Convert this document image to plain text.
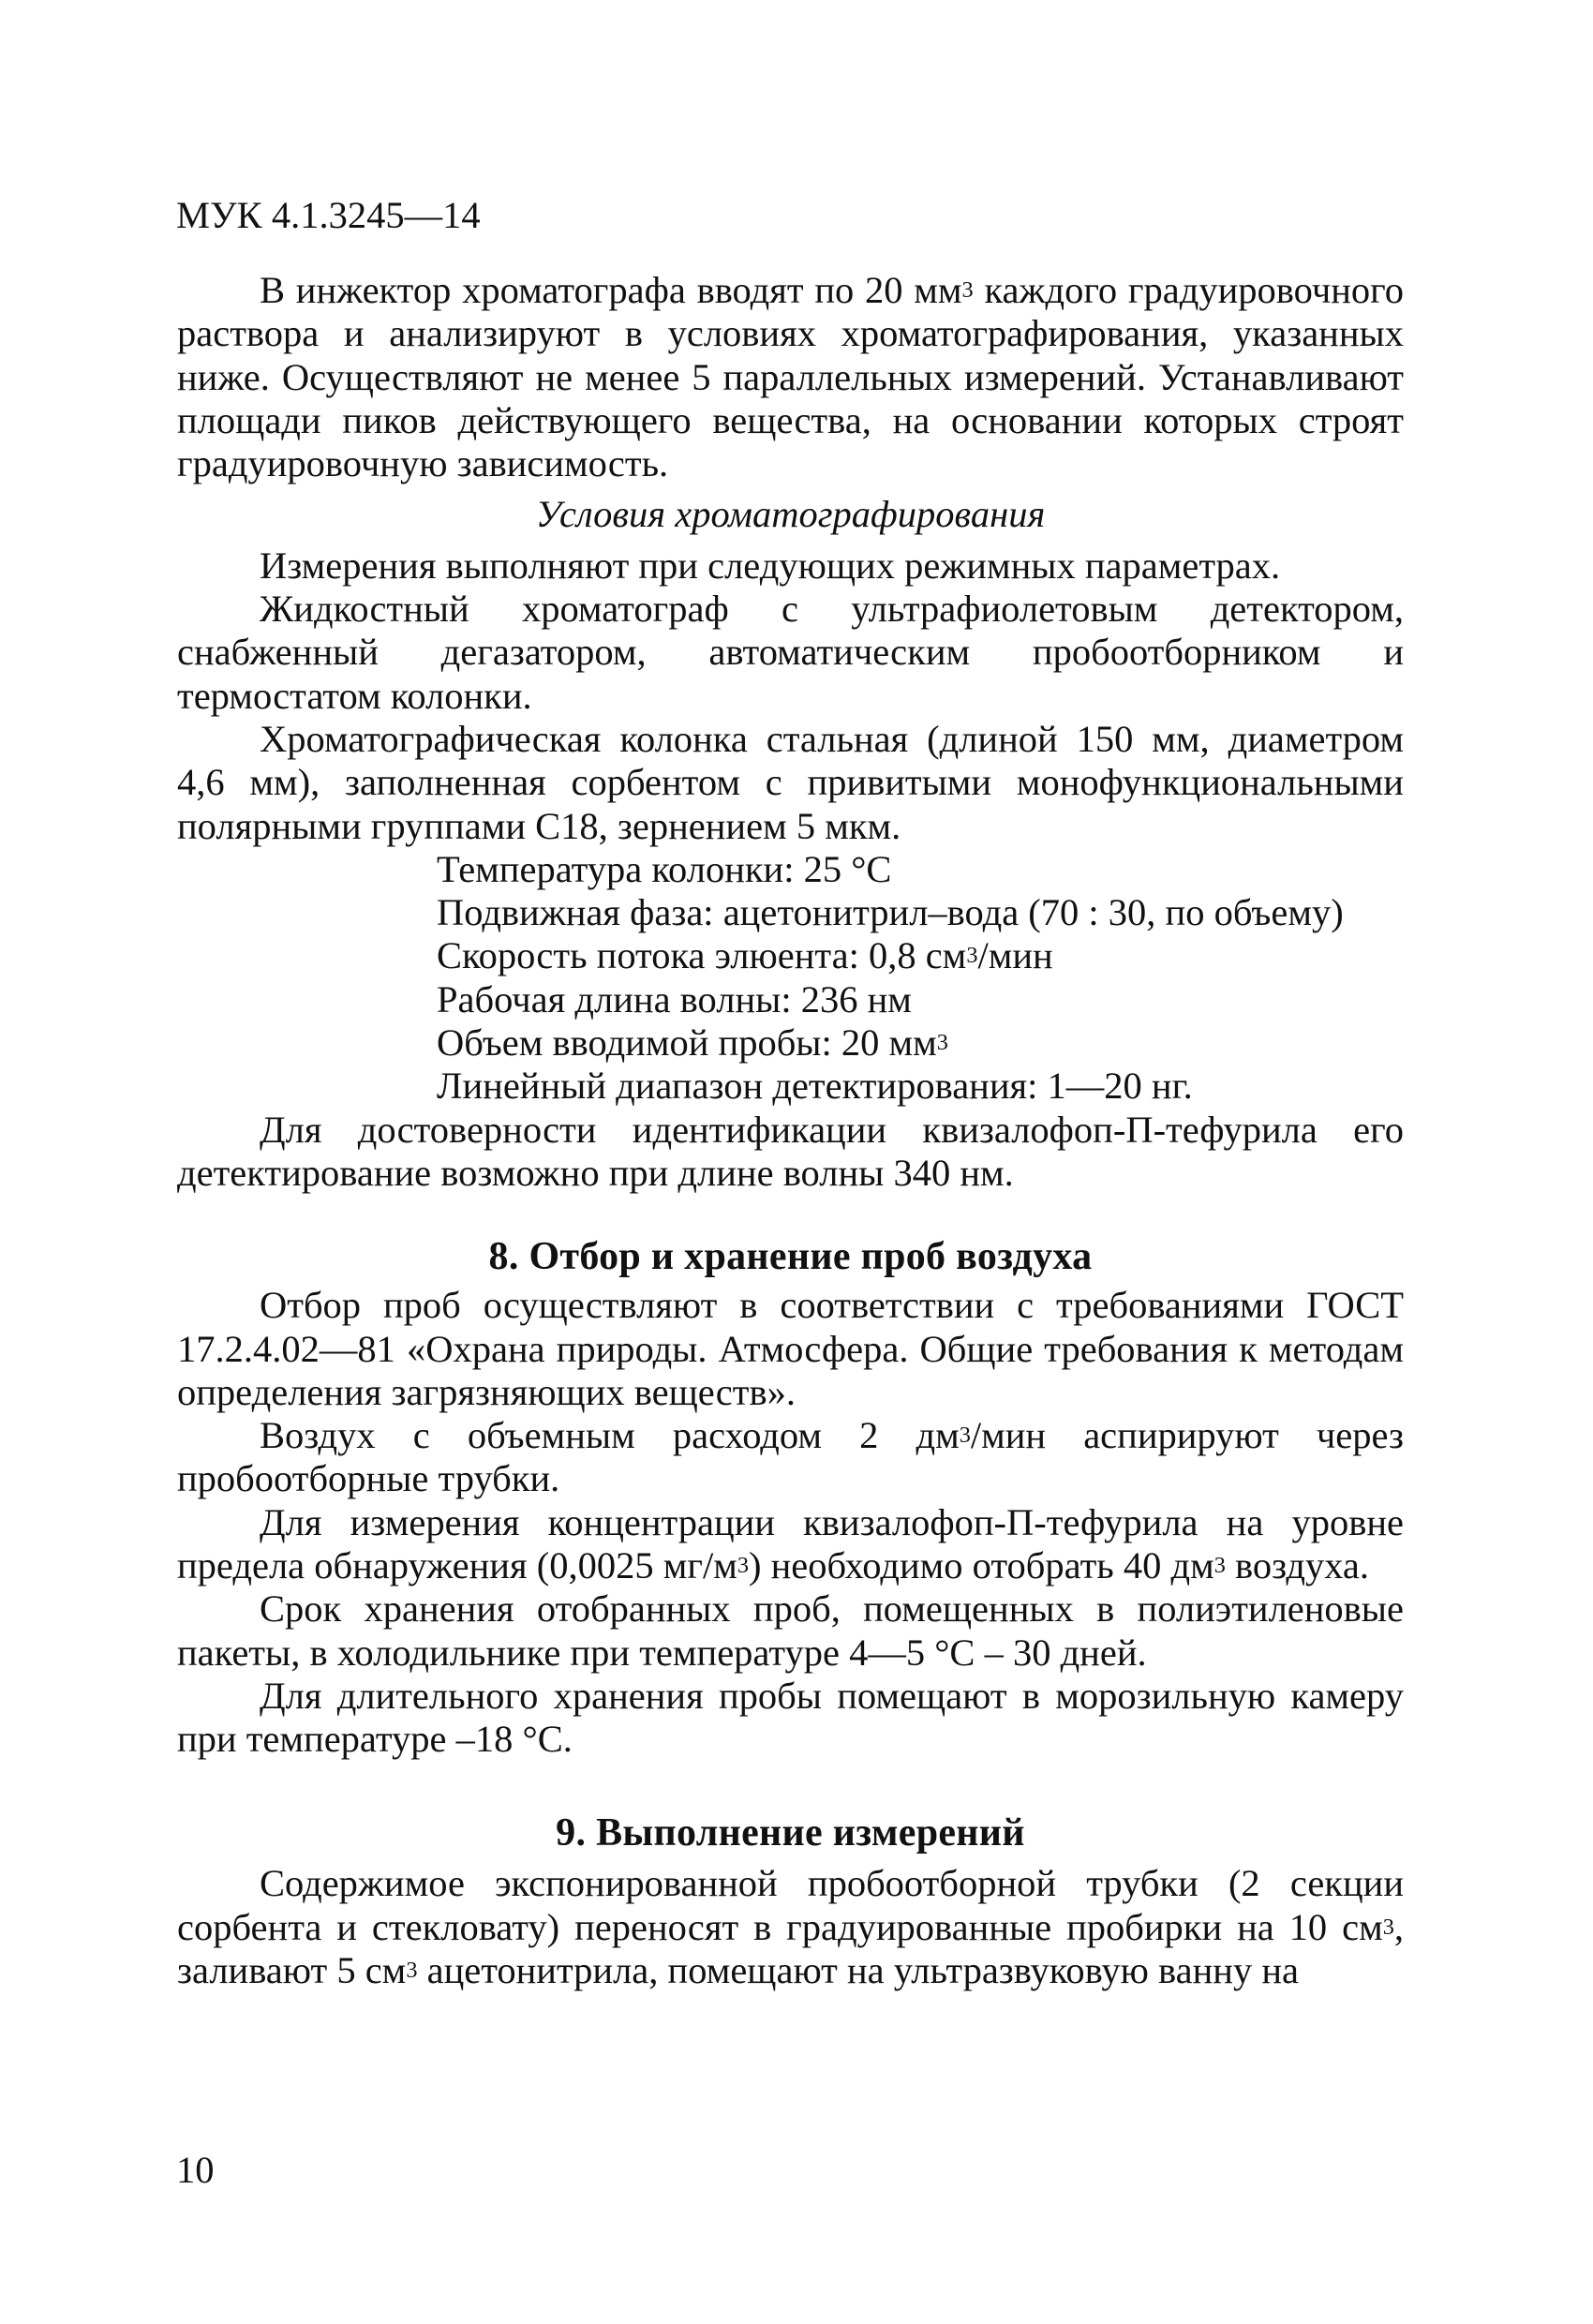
МУК 4.1.3245—14

В инжектор хроматографа вводят по 20 $мм^3$ каждого градуировочного раствора и анализируют в условиях хроматографирования, указанных ниже. Осуществляют не менее 5 параллельных измерений. Устанавливают площади пиков действующего вещества, на основании которых строят градуировочную зависимость.

Условия хроматографирования

Измерения выполняют при следующих режимных параметрах.

Жидкостный хроматограф с ультрафиолетовым детектором, снабженный дегазатором, автоматическим пробоотборником и термостатом колонки.

Хроматографическая колонка стальная (длиной 150 мм, диаметром 4,6 мм), заполненная сорбентом с привитыми монофункциональными полярными группами С18, зернением 5 мкм.

Температура колонки: 25 °С

Подвижная фаза: ацетонитрил–вода (70 : 30, по объему)

Скорость потока элюента: 0,8 $см^3$/мин

Рабочая длина волны: 236 нм

Объем вводимой пробы: 20 $мм^3$

Линейный диапазон детектирования: 1—20 нг.

Для достоверности идентификации квизалофоп-П-тефурила его детектирование возможно при длине волны 340 нм.

8. Отбор и хранение проб воздуха

Отбор проб осуществляют в соответствии с требованиями ГОСТ 17.2.4.02—81 «Охрана природы. Атмосфера. Общие требования к методам определения загрязняющих веществ».

Воздух с объемным расходом 2 $дм^3$/мин аспирируют через пробоотборные трубки.

Для измерения концентрации квизалофоп-П-тефурила на уровне предела обнаружения (0,0025 $мг/м^3$) необходимо отобрать 40 $дм^3$ воздуха.

Срок хранения отобранных проб, помещенных в полиэтиленовые пакеты, в холодильнике при температуре 4—5 °С – 30 дней.

Для длительного хранения пробы помещают в морозильную камеру при температуре –18 °С.

9. Выполнение измерений

Содержимое экспонированной пробоотборной трубки (2 секции сорбента и стекловату) переносят в градуированные пробирки на 10 $см^3$, заливают 5 $см^3$ ацетонитрила, помещают на ультразвуковую ванну на

10
